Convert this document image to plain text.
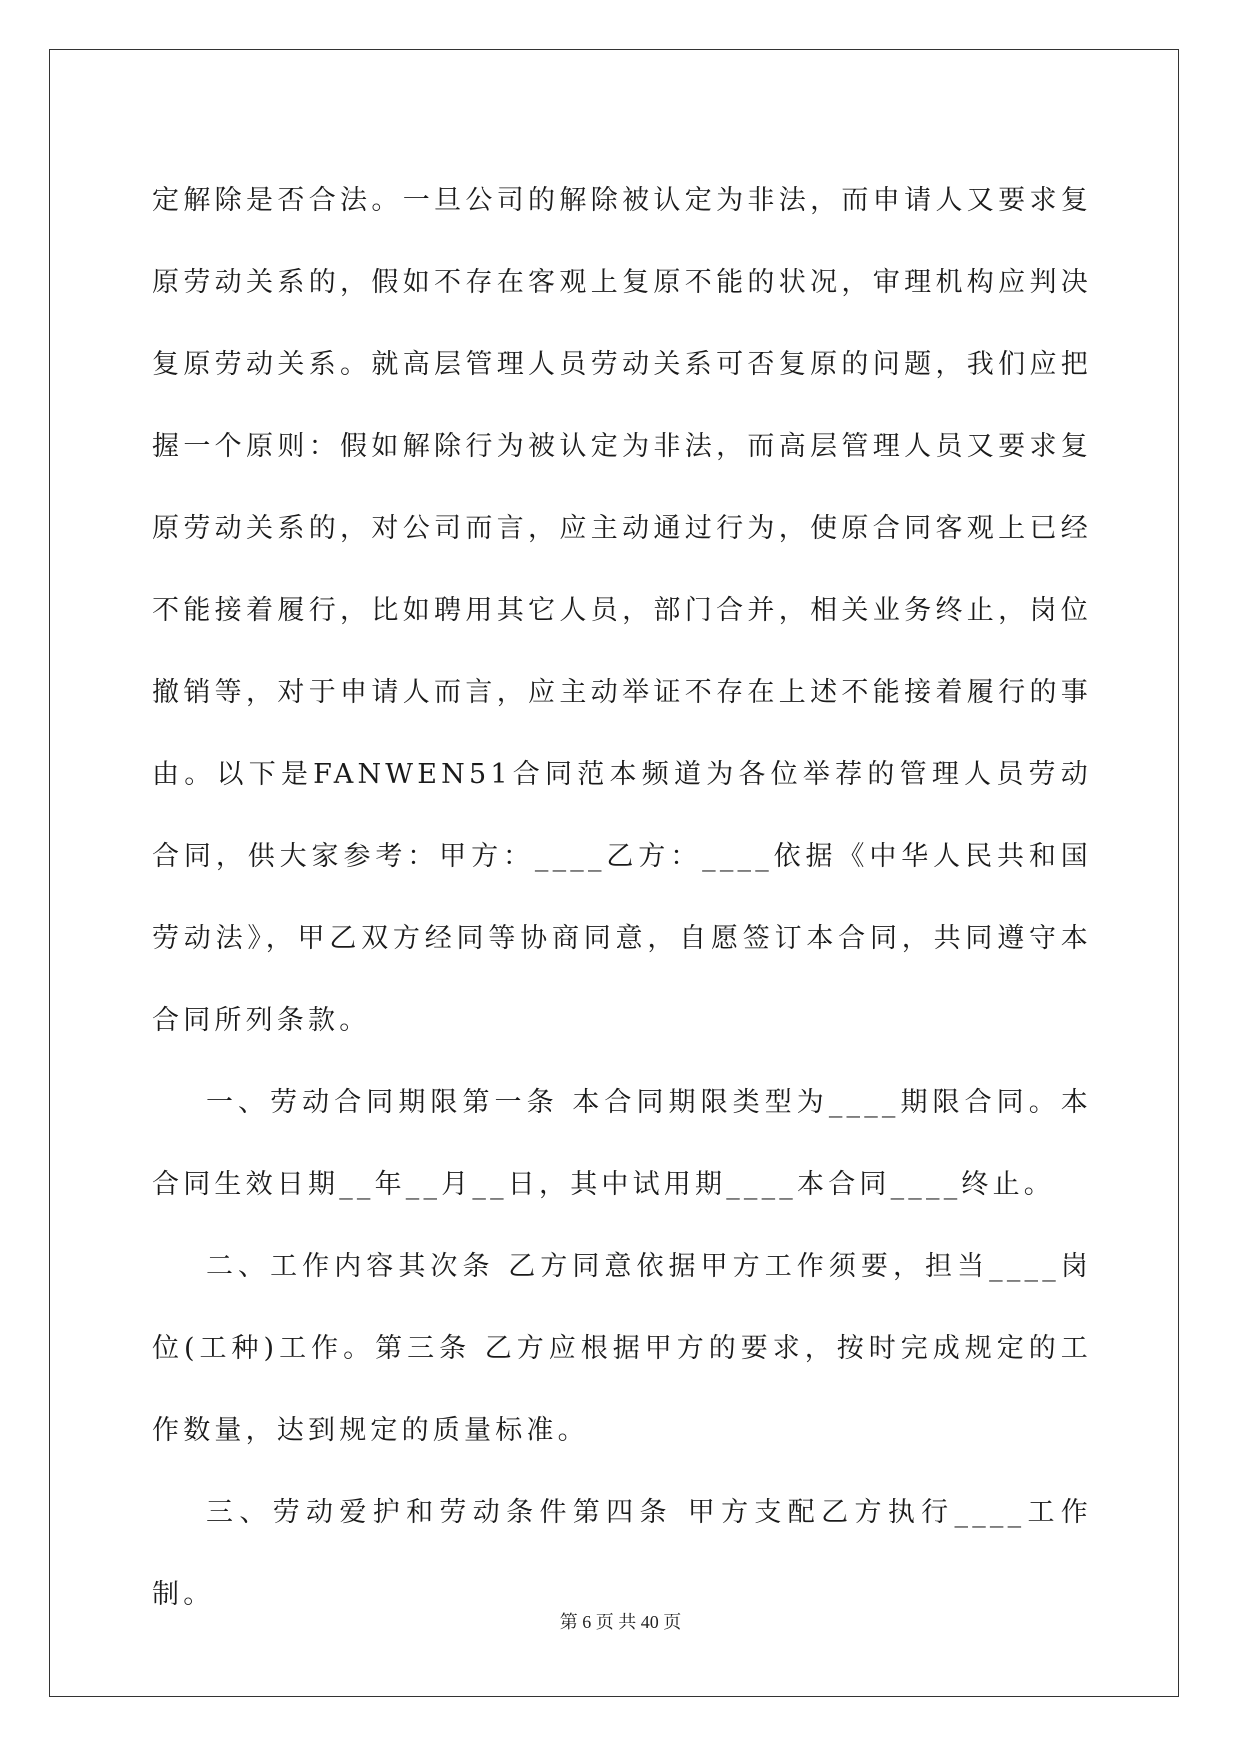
定解除是否合法。一旦公司的解除被认定为非法，而申请人又要求复原劳动关系的，假如不存在客观上复原不能的状况，审理机构应判决复原劳动关系。就高层管理人员劳动关系可否复原的问题，我们应把握一个原则：假如解除行为被认定为非法，而高层管理人员又要求复原劳动关系的，对公司而言，应主动通过行为，使原合同客观上已经不能接着履行，比如聘用其它人员，部门合并，相关业务终止，岗位撤销等，对于申请人而言，应主动举证不存在上述不能接着履行的事由。以下是FANWEN51合同范本频道为各位举荐的管理人员劳动合同，供大家参考：甲方：____乙方：____依据《中华人民共和国劳动法》，甲乙双方经同等协商同意，自愿签订本合同，共同遵守本合同所列条款。

一、劳动合同期限第一条 本合同期限类型为____期限合同。本合同生效日期__年__月__日，其中试用期____本合同____终止。

二、工作内容其次条 乙方同意依据甲方工作须要，担当____岗位(工种)工作。第三条 乙方应根据甲方的要求，按时完成规定的工作数量，达到规定的质量标准。

三、劳动爱护和劳动条件第四条 甲方支配乙方执行____工作制。

第 6 页 共 40 页
